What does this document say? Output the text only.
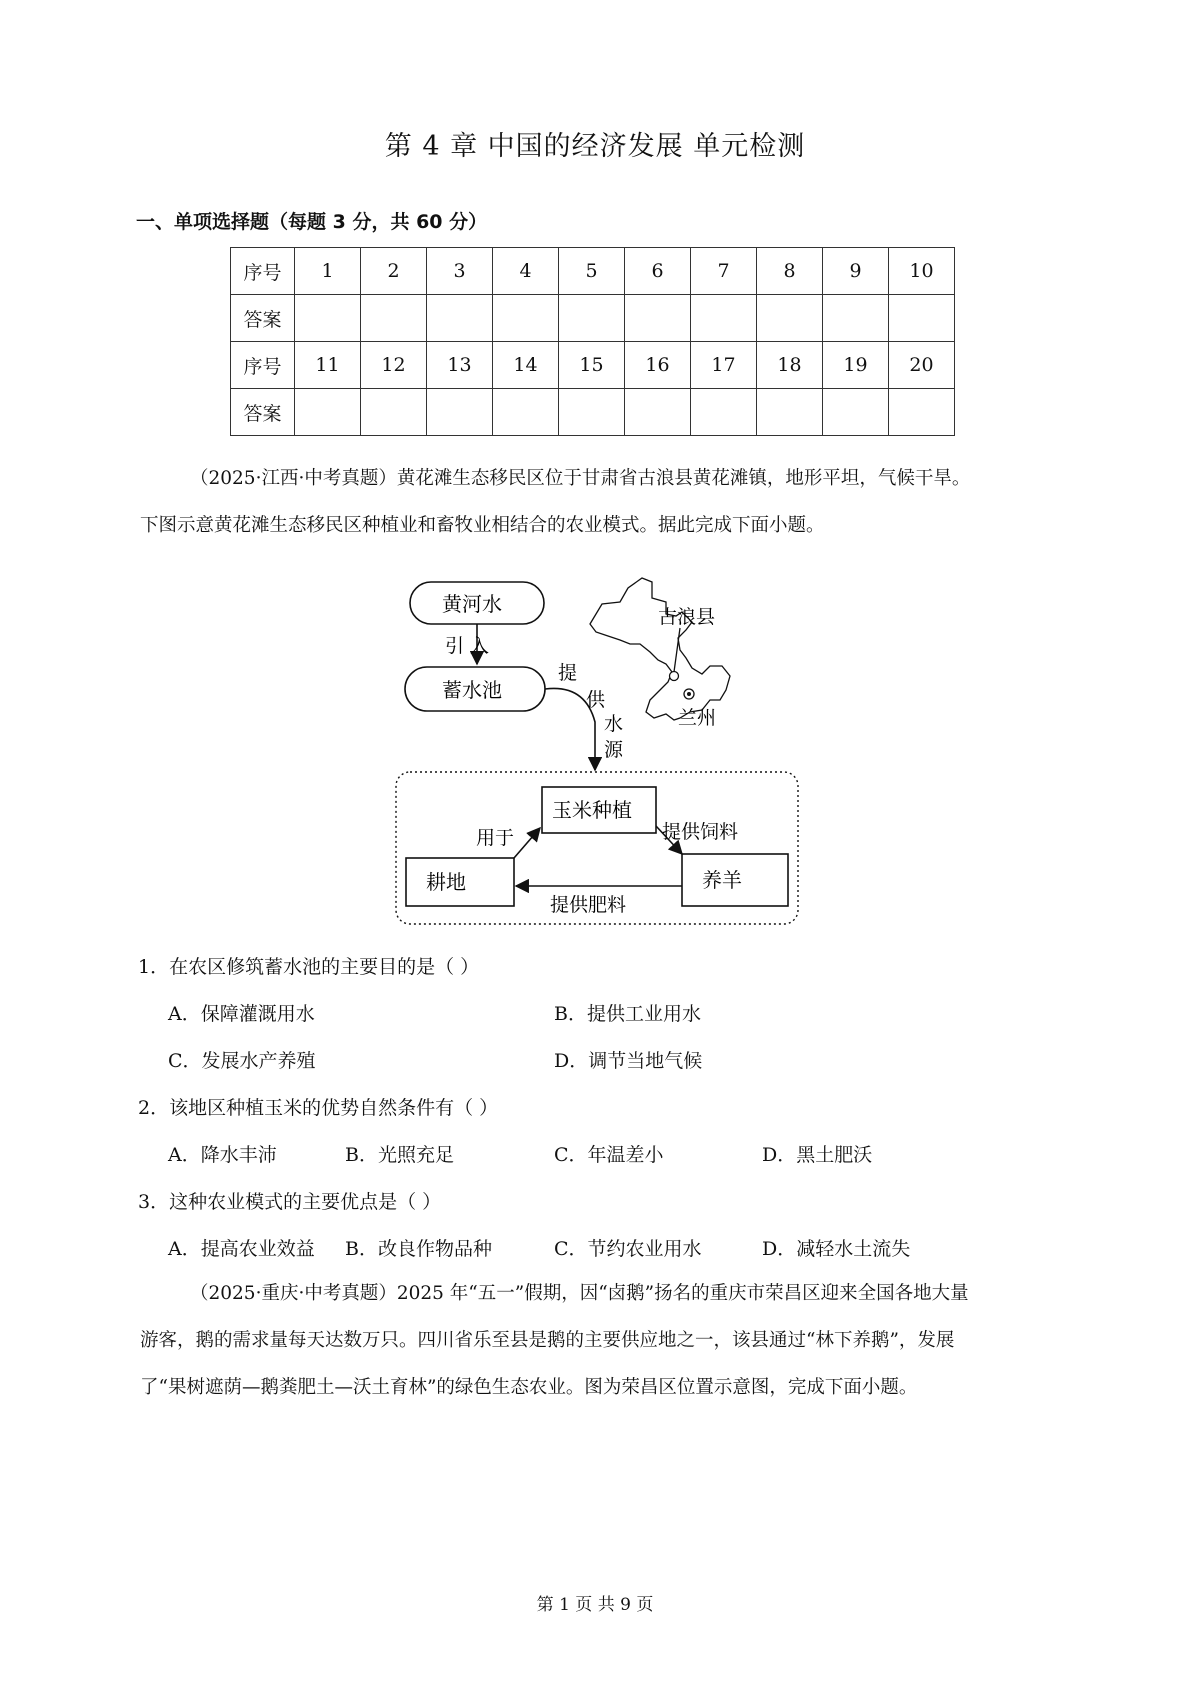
第 4 章 中国的经济发展 单元检测
一、单项选择题（每题 3 分，共 60 分）
序号	1	2	3	4	5	6	7	8	9	10
答案										
序号	11	12	13	14	15	16	17	18	19	20
答案										
（2025·江西·中考真题）黄花滩生态移民区位于甘肃省古浪县黄花滩镇，地形平坦，气候干旱。
下图示意黄花滩生态移民区种植业和畜牧业相结合的农业模式。据此完成下面小题。
黄河水
引 入
蓄水池
提
供
水
源
玉米种植
耕地	养羊
用于	提供饲料
提供肥料
古浪县
兰州
1．在农区修筑蓄水池的主要目的是（ ）
A．保障灌溉用水	B．提供工业用水
C．发展水产养殖	D．调节当地气候
2．该地区种植玉米的优势自然条件有（ ）
A．降水丰沛	B．光照充足	C．年温差小	D．黑土肥沃
3．这种农业模式的主要优点是（ ）
A．提高农业效益 B．改良作物品种	C．节约农业用水	D．减轻水土流失
（2025·重庆·中考真题）2025 年“五一”假期，因“卤鹅”扬名的重庆市荣昌区迎来全国各地大量
游客，鹅的需求量每天达数万只。四川省乐至县是鹅的主要供应地之一，该县通过“林下养鹅”，发展
了“果树遮荫—鹅粪肥土—沃土育林”的绿色生态农业。图为荣昌区位置示意图，完成下面小题。
第 1 页 共 9 页
